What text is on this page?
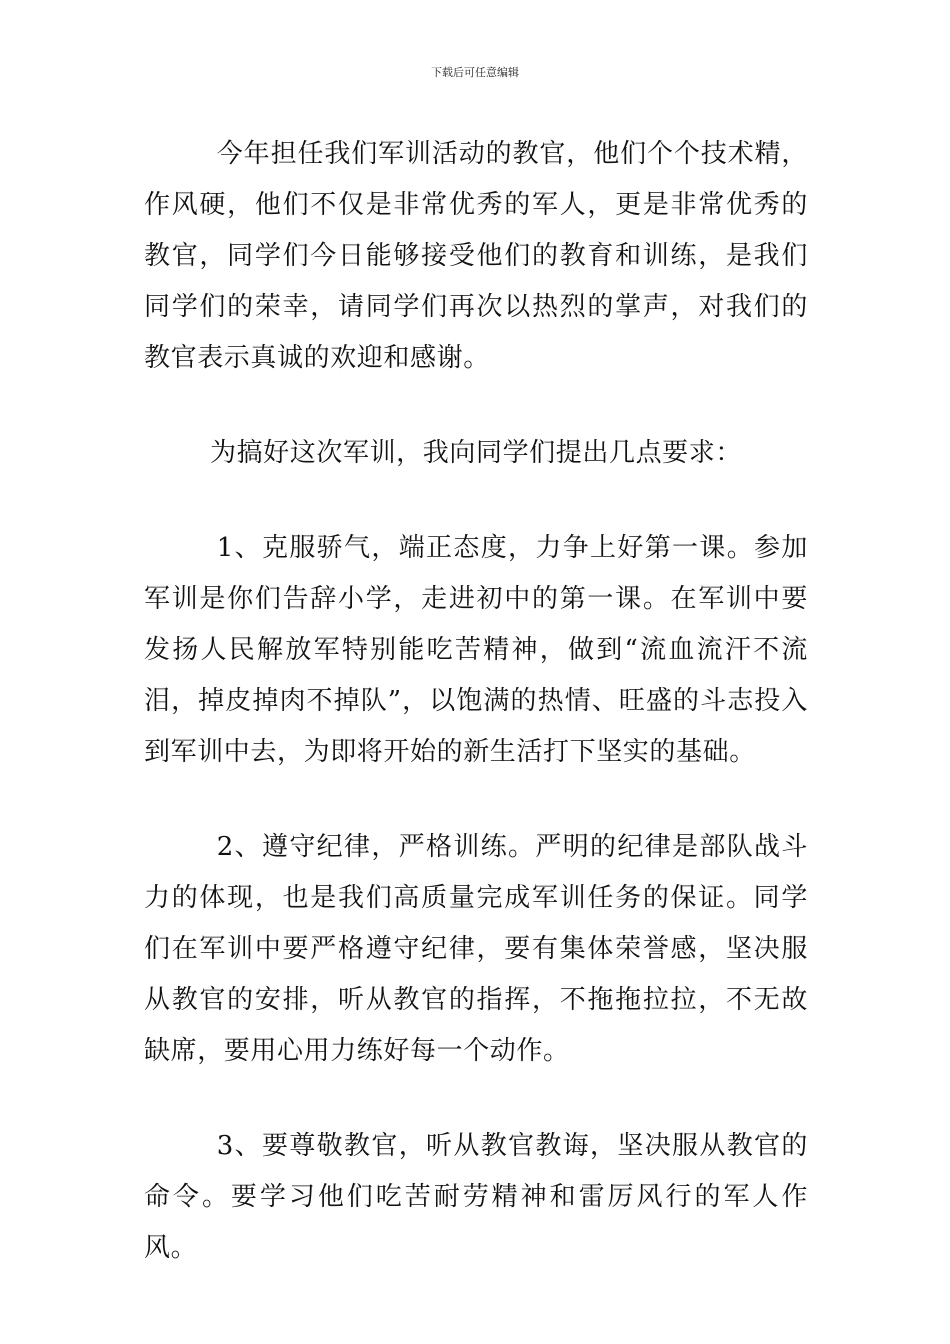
下载后可任意编辑

今年担任我们军训活动的教官，他们个个技术精，作风硬，他们不仅是非常优秀的军人，更是非常优秀的教官，同学们今日能够接受他们的教育和训练，是我们同学们的荣幸，请同学们再次以热烈的掌声，对我们的教官表示真诚的欢迎和感谢。

为搞好这次军训，我向同学们提出几点要求：

1、克服骄气，端正态度，力争上好第一课。参加军训是你们告辞小学，走进初中的第一课。在军训中要发扬人民解放军特别能吃苦精神，做到“流血流汗不流泪，掉皮掉肉不掉队”，以饱满的热情、旺盛的斗志投入到军训中去，为即将开始的新生活打下坚实的基础。

2、遵守纪律，严格训练。严明的纪律是部队战斗力的体现，也是我们高质量完成军训任务的保证。同学们在军训中要严格遵守纪律，要有集体荣誉感，坚决服从教官的安排，听从教官的指挥，不拖拖拉拉，不无故缺席，要用心用力练好每一个动作。

3、要尊敬教官，听从教官教诲，坚决服从教官的命令。要学习他们吃苦耐劳精神和雷厉风行的军人作风。
